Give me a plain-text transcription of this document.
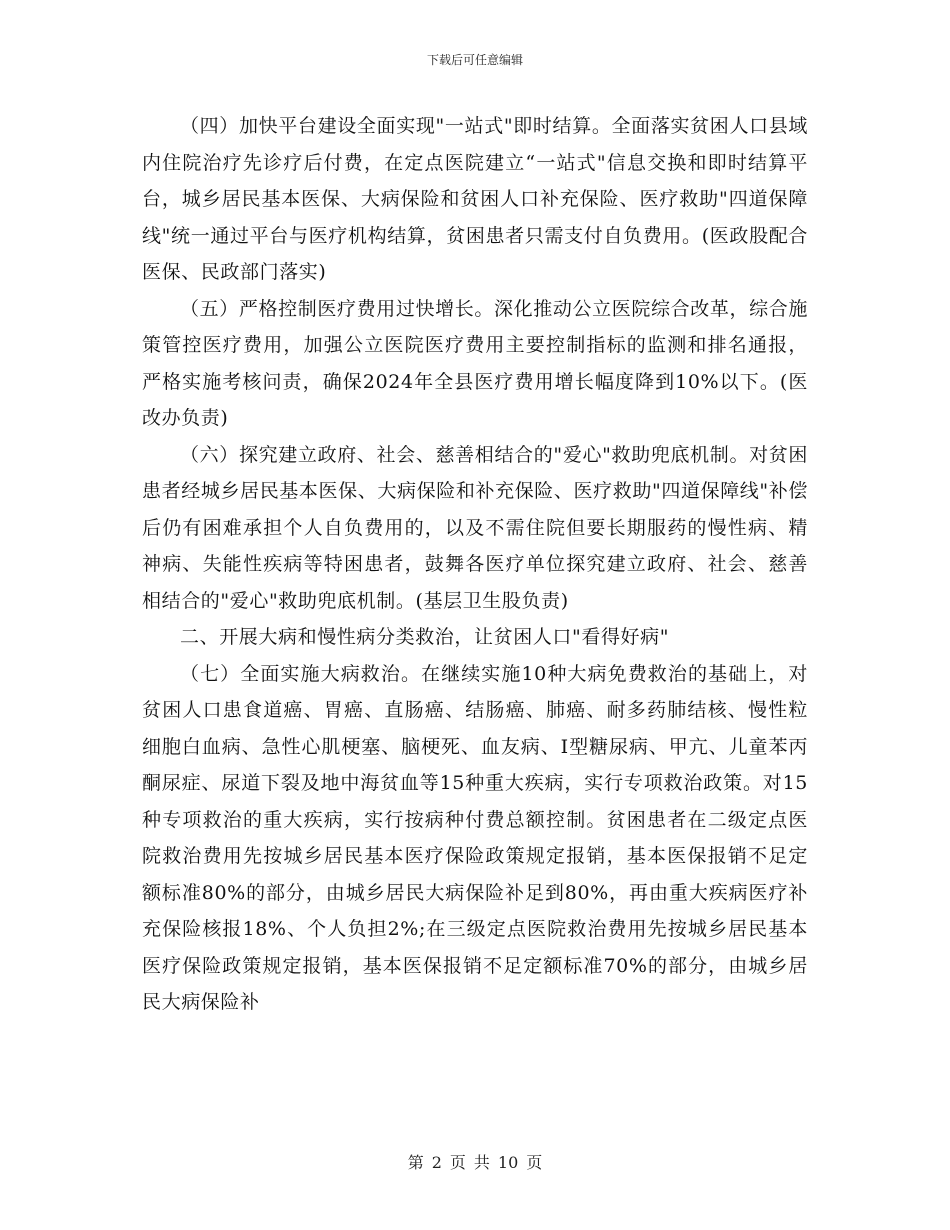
下载后可任意编辑

（四）加快平台建设全面实现"一站式"即时结算。全面落实贫困人口县域内住院治疗先诊疗后付费，在定点医院建立“一站式"信息交换和即时结算平台，城乡居民基本医保、大病保险和贫困人口补充保险、医疗救助"四道保障线"统一通过平台与医疗机构结算，贫困患者只需支付自负费用。(医政股配合医保、民政部门落实)

（五）严格控制医疗费用过快增长。深化推动公立医院综合改革，综合施策管控医疗费用，加强公立医院医疗费用主要控制指标的监测和排名通报，严格实施考核问责，确保2024年全县医疗费用增长幅度降到10%以下。(医改办负责)

（六）探究建立政府、社会、慈善相结合的"爱心"救助兜底机制。对贫困患者经城乡居民基本医保、大病保险和补充保险、医疗救助"四道保障线"补偿后仍有困难承担个人自负费用的，以及不需住院但要长期服药的慢性病、精神病、失能性疾病等特困患者，鼓舞各医疗单位探究建立政府、社会、慈善相结合的"爱心"救助兜底机制。(基层卫生股负责)

二、开展大病和慢性病分类救治，让贫困人口"看得好病"

（七）全面实施大病救治。在继续实施10种大病免费救治的基础上，对贫困人口患食道癌、胃癌、直肠癌、结肠癌、肺癌、耐多药肺结核、慢性粒细胞白血病、急性心肌梗塞、脑梗死、血友病、Ⅰ型糖尿病、甲亢、儿童苯丙酮尿症、尿道下裂及地中海贫血等15种重大疾病，实行专项救治政策。对15种专项救治的重大疾病，实行按病种付费总额控制。贫困患者在二级定点医院救治费用先按城乡居民基本医疗保险政策规定报销，基本医保报销不足定额标准80%的部分，由城乡居民大病保险补足到80%，再由重大疾病医疗补充保险核报18%、个人负担2%;在三级定点医院救治费用先按城乡居民基本医疗保险政策规定报销，基本医保报销不足定额标准70%的部分，由城乡居民大病保险补

第 2 页 共 10 页
